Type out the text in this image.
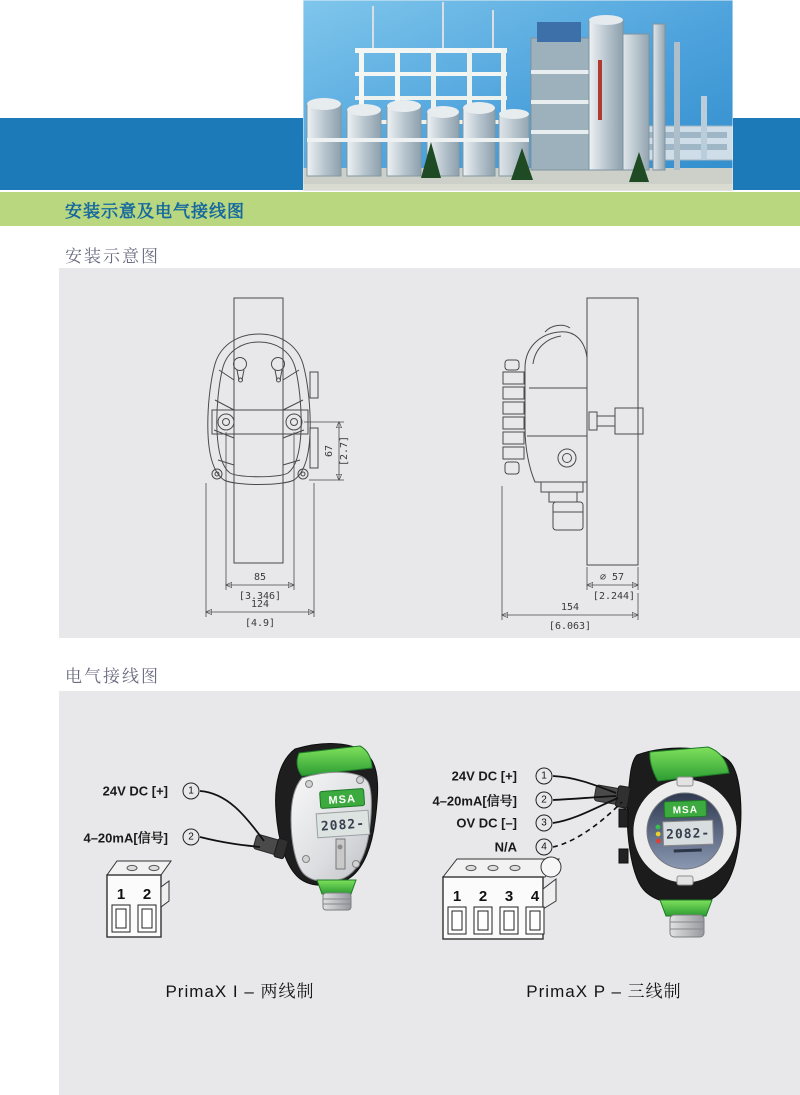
安装示意及电气接线图
安装示意图
67 [2.7]
85
[3.346]
124
[4.9]
⌀ 57
[2.244]
154
[6.063]
电气接线图
MSA
2082-
1 2
MSA
2082-
1 2 3 4
24V DC [+]	1
4–20mA[信号]	2
24V DC [+]	1
4–20mA[信号]	2
OV DC [–]	3
N/A	4
PrimaX I – 两线制	PrimaX P – 三线制
